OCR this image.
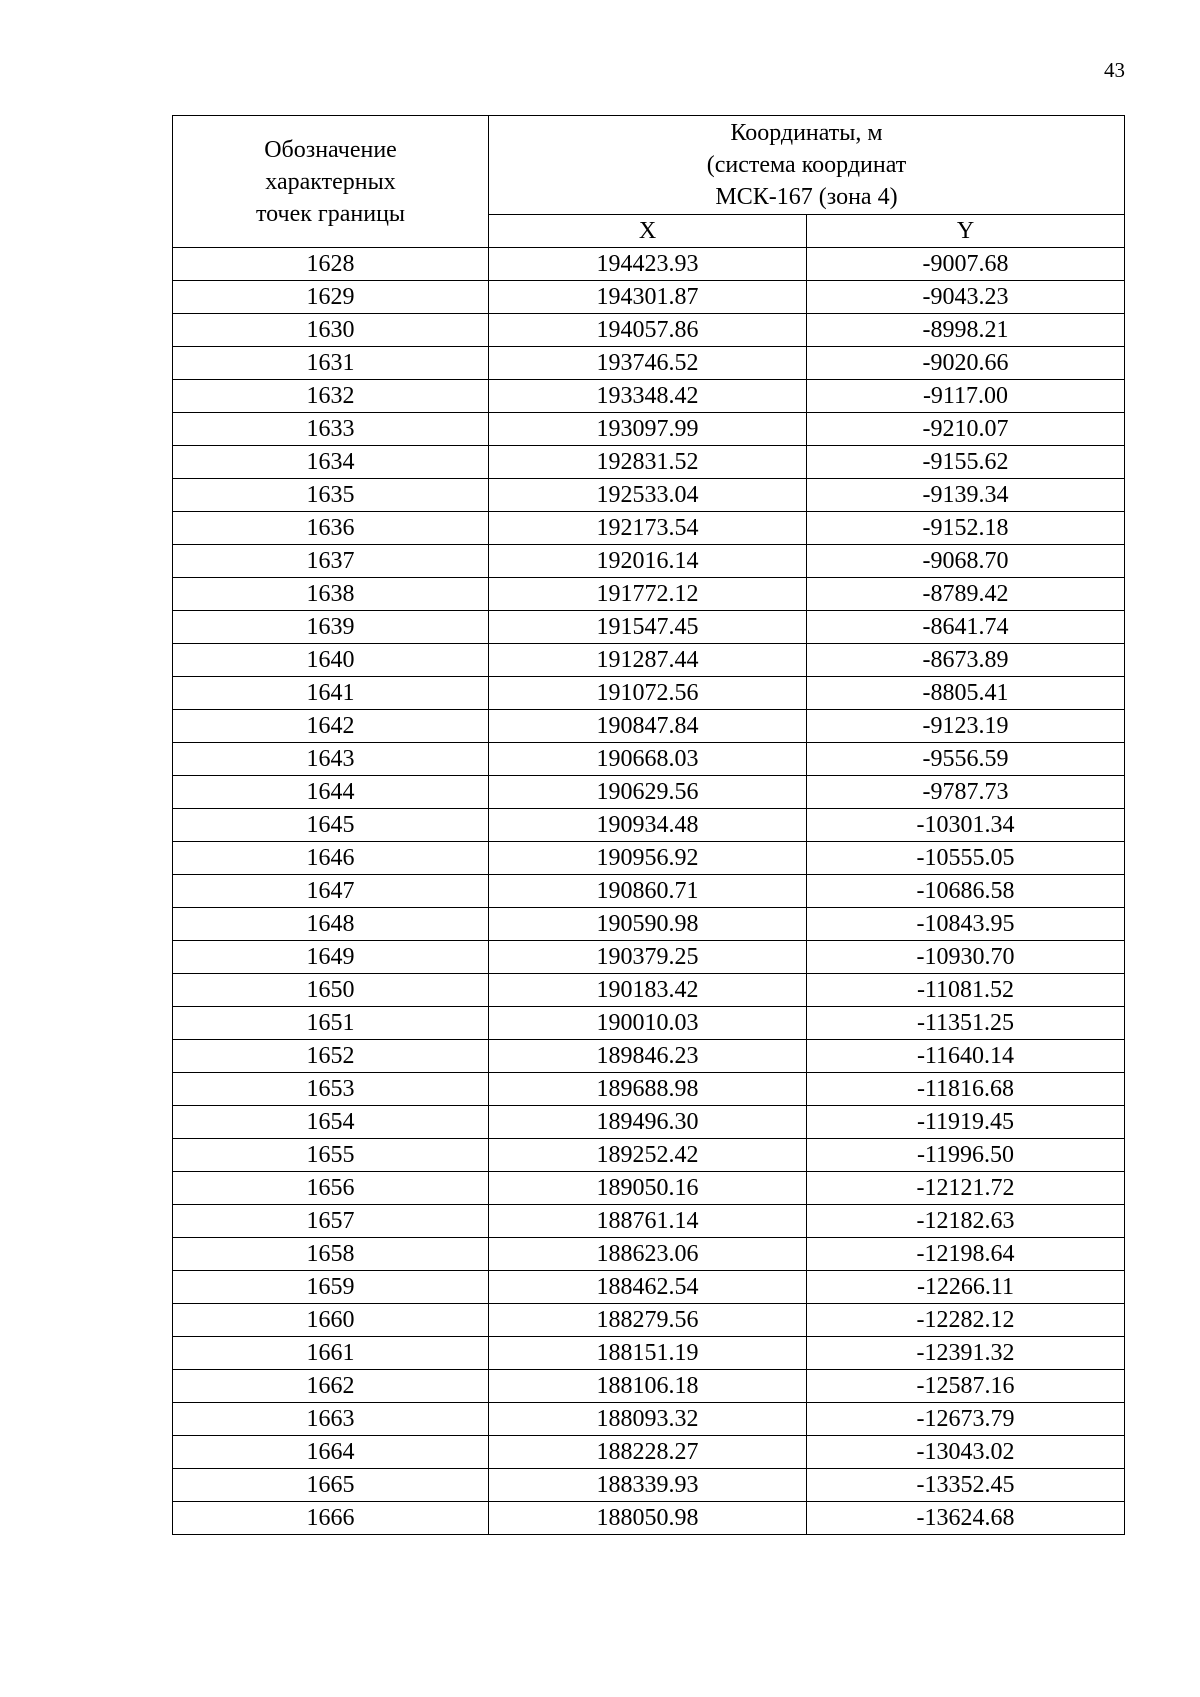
43
Обозначение
характерных
точек границы	Координаты, м
(система координат
МСК-167 (зона 4)	

	X	Y
1628	194423.93	-9007.68
1629	194301.87	-9043.23
1630	194057.86	-8998.21
1631	193746.52	-9020.66
1632	193348.42	-9117.00
1633	193097.99	-9210.07
1634	192831.52	-9155.62
1635	192533.04	-9139.34
1636	192173.54	-9152.18
1637	192016.14	-9068.70
1638	191772.12	-8789.42
1639	191547.45	-8641.74
1640	191287.44	-8673.89
1641	191072.56	-8805.41
1642	190847.84	-9123.19
1643	190668.03	-9556.59
1644	190629.56	-9787.73
1645	190934.48	-10301.34
1646	190956.92	-10555.05
1647	190860.71	-10686.58
1648	190590.98	-10843.95
1649	190379.25	-10930.70
1650	190183.42	-11081.52
1651	190010.03	-11351.25
1652	189846.23	-11640.14
1653	189688.98	-11816.68
1654	189496.30	-11919.45
1655	189252.42	-11996.50
1656	189050.16	-12121.72
1657	188761.14	-12182.63
1658	188623.06	-12198.64
1659	188462.54	-12266.11
1660	188279.56	-12282.12
1661	188151.19	-12391.32
1662	188106.18	-12587.16
1663	188093.32	-12673.79
1664	188228.27	-13043.02
1665	188339.93	-13352.45
1666	188050.98	-13624.68
